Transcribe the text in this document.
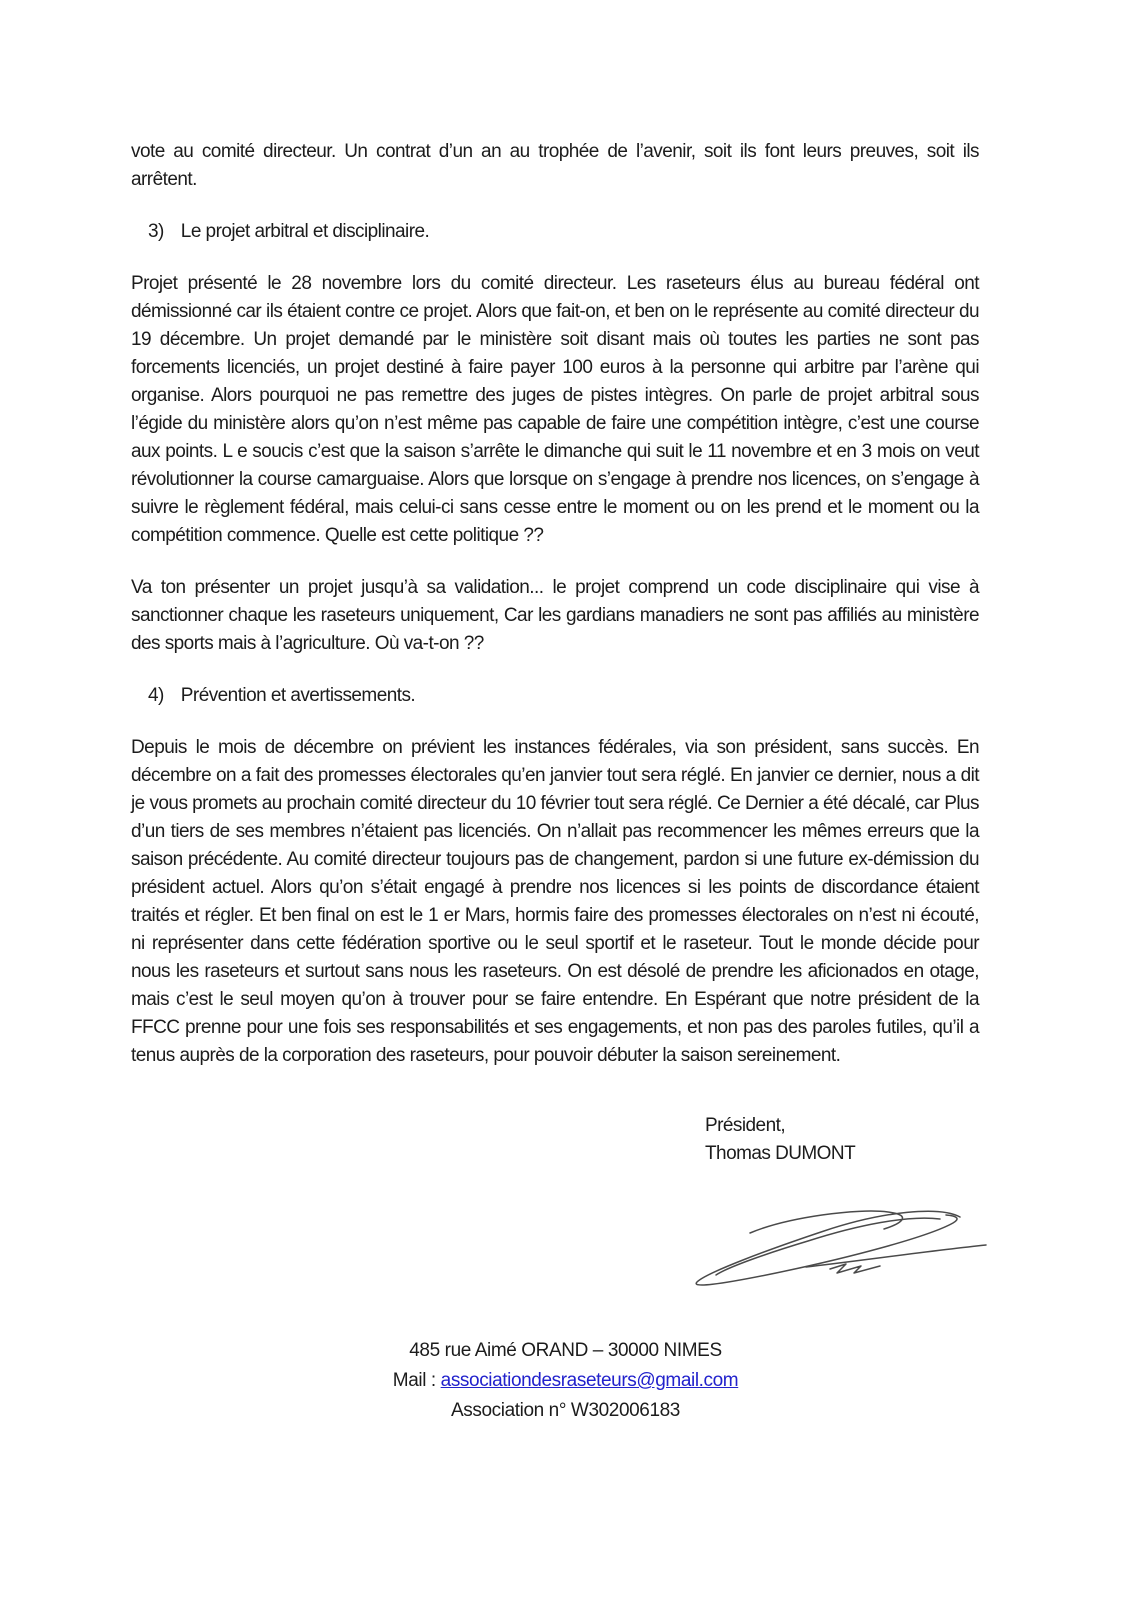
vote au comité directeur. Un contrat d’un an au trophée de l’avenir, soit ils font leurs preuves, soit ils arrêtent.

3) Le projet arbitral et disciplinaire.

Projet présenté le 28 novembre lors du comité directeur. Les raseteurs élus au bureau fédéral ont démissionné car ils étaient contre ce projet. Alors que fait-on, et ben on le représente au comité directeur du 19 décembre. Un projet demandé par le ministère soit disant mais où toutes les parties ne sont pas forcements licenciés, un projet destiné à faire payer 100 euros à la personne qui arbitre par l’arène qui organise. Alors pourquoi ne pas remettre des juges de pistes intègres. On parle de projet arbitral sous l’égide du ministère alors qu’on n’est même pas capable de faire une compétition intègre, c’est une course aux points. L e soucis c’est que la saison s’arrête le dimanche qui suit le 11 novembre et en 3 mois on veut révolutionner la course camarguaise. Alors que lorsque on s’engage à prendre nos licences, on s’engage à suivre le règlement fédéral, mais celui-ci sans cesse entre le moment ou on les prend et le moment ou la compétition commence. Quelle est cette politique ??

Va ton présenter un projet jusqu’à sa validation... le projet comprend un code disciplinaire qui vise à sanctionner chaque les raseteurs uniquement, Car les gardians manadiers ne sont pas affiliés au ministère des sports mais à l’agriculture. Où va-t-on ??

4) Prévention et avertissements.

Depuis le mois de décembre on prévient les instances fédérales, via son président, sans succès. En décembre on a fait des promesses électorales qu’en janvier tout sera réglé. En janvier ce dernier, nous a dit je vous promets au prochain comité directeur du 10 février tout sera réglé. Ce Dernier a été décalé, car Plus d’un tiers de ses membres n’étaient pas licenciés. On n’allait pas recommencer les mêmes erreurs que la saison précédente. Au comité directeur toujours pas de changement, pardon si une future ex-démission du président actuel. Alors qu’on s’était engagé à prendre nos licences si les points de discordance étaient traités et régler. Et ben final on est le 1 er Mars, hormis faire des promesses électorales on n’est ni écouté, ni représenter dans cette fédération sportive ou le seul sportif et le raseteur. Tout le monde décide pour nous les raseteurs et surtout sans nous les raseteurs. On est désolé de prendre les aficionados en otage, mais c’est le seul moyen qu’on à trouver pour se faire entendre. En Espérant que notre président de la FFCC prenne pour une fois ses responsabilités et ses engagements, et non pas des paroles futiles, qu’il a tenus auprès de la corporation des raseteurs, pour pouvoir débuter la saison sereinement.

Président,
Thomas DUMONT
485 rue Aimé ORAND – 30000 NIMES
Mail : associationdesraseteurs@gmail.com
Association n° W302006183
